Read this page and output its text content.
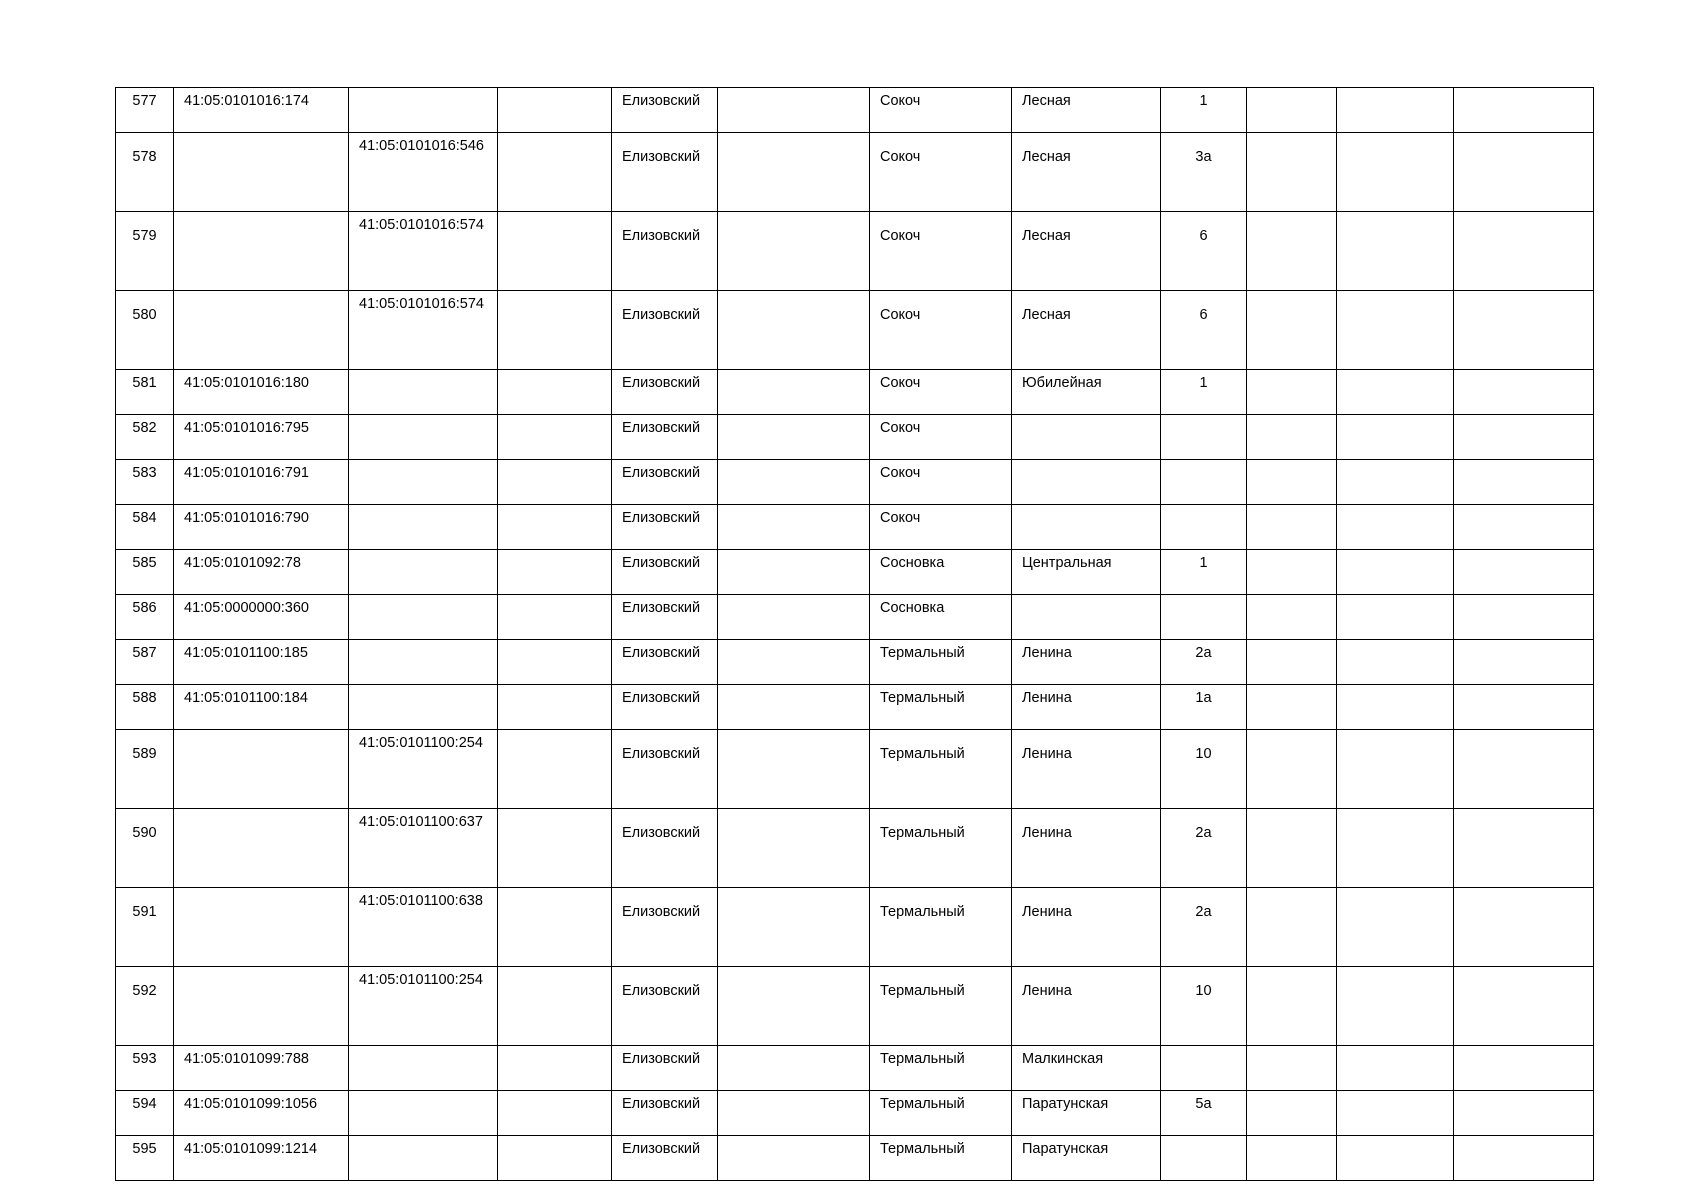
577	41:05:0101016:174			Елизовский		Сокоч	Лесная	1			
578		41:05:0101016:546		Елизовский		Сокоч	Лесная	3а			
579		41:05:0101016:574		Елизовский		Сокоч	Лесная	6			
580		41:05:0101016:574		Елизовский		Сокоч	Лесная	6			
581	41:05:0101016:180			Елизовский		Сокоч	Юбилейная	1			
582	41:05:0101016:795			Елизовский		Сокоч					
583	41:05:0101016:791			Елизовский		Сокоч					
584	41:05:0101016:790			Елизовский		Сокоч					
585	41:05:0101092:78			Елизовский		Сосновка	Центральная	1			
586	41:05:0000000:360			Елизовский		Сосновка					
587	41:05:0101100:185			Елизовский		Термальный	Ленина	2а			
588	41:05:0101100:184			Елизовский		Термальный	Ленина	1а			
589		41:05:0101100:254		Елизовский		Термальный	Ленина	10			
590		41:05:0101100:637		Елизовский		Термальный	Ленина	2а			
591		41:05:0101100:638		Елизовский		Термальный	Ленина	2а			
592		41:05:0101100:254		Елизовский		Термальный	Ленина	10			
593	41:05:0101099:788			Елизовский		Термальный	Малкинская				
594	41:05:0101099:1056			Елизовский		Термальный	Паратунская	5а			
595	41:05:0101099:1214			Елизовский		Термальный	Паратунская				
